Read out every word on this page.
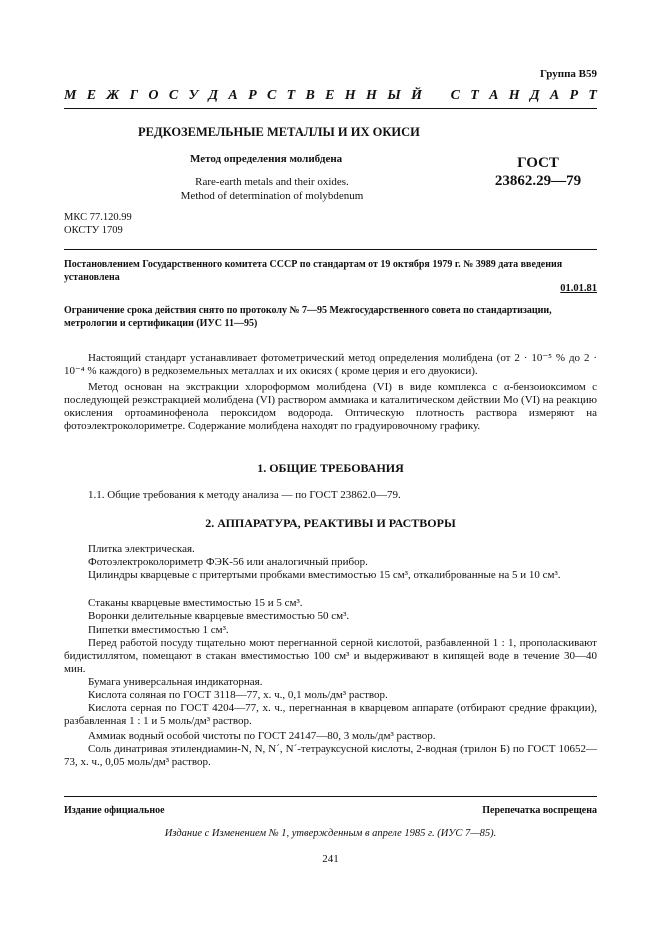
Группа В59
М Е Ж Г О С У Д А Р С Т В Е Н Н Ы Й С Т А Н Д А Р Т
РЕДКОЗЕМЕЛЬНЫЕ МЕТАЛЛЫ И ИХ ОКИСИ
Метод определения молибдена
Rare-earth metals and their oxides.
Method of determination of molybdenum
ГОСТ
23862.29—79
МКС 77.120.99
ОКСТУ 1709
Постановлением Государственного комитета СССР по стандартам от 19 октября 1979 г. № 3989 дата введения установлена
01.01.81
Ограничение срока действия снято по протоколу № 7—95 Межгосударственного совета по стандартизации, метрологии и сертификации (ИУС 11—95)
Настоящий стандарт устанавливает фотометрический метод определения молибдена (от 2 · 10⁻⁵ % до 2 · 10⁻⁴ % каждого) в редкоземельных металлах и их окисях ( кроме церия и его двуокиси).
Метод основан на экстракции хлороформом молибдена (VI) в виде комплекса с α-бензоиоксимом с последующей реэкстракцией молибдена (VI) раствором аммиака и каталитическом действии Mo (VI) на реакцию окисления ортоаминофенола пероксидом водорода. Оптическую плотность раствора измеряют на фотоэлектроколориметре. Содержание молибдена находят по градуировочному графику.
1. ОБЩИЕ ТРЕБОВАНИЯ
1.1. Общие требования к методу анализа — по ГОСТ 23862.0—79.
2. АППАРАТУРА, РЕАКТИВЫ И РАСТВОРЫ
Плитка электрическая.
Фотоэлектроколориметр ФЭК-56 или аналогичный прибор.
Цилиндры кварцевые с притертыми пробками вместимостью 15 см³, откалиброванные на 5 и 10 см³.
Стаканы кварцевые вместимостью 15 и 5 см³.
Воронки делительные кварцевые вместимостью 50 см³.
Пипетки вместимостью 1 см³.
Перед работой посуду тщательно моют перегнанной серной кислотой, разбавленной 1 : 1, прополаскивают бидистиллятом, помещают в стакан вместимостью 100 см³ и выдерживают в кипящей воде в течение 30—40 мин.
Бумага универсальная индикаторная.
Кислота соляная по ГОСТ 3118—77, х. ч., 0,1 моль/дм³ раствор.
Кислота серная по ГОСТ 4204—77, х. ч., перегнанная в кварцевом аппарате (отбирают средние фракции), разбавленная 1 : 1 и 5 моль/дм³ раствор.
Аммиак водный особой чистоты по ГОСТ 24147—80, 3 моль/дм³ раствор.
Соль динатривая этилендиамин-N, N, N´, N´-тетрауксусной кислоты, 2-водная (трилон Б) по ГОСТ 10652—73, х. ч., 0,05 моль/дм³ раствор.
Издание официальное	Перепечатка воспрещена
Издание с Изменением № 1, утвержденным в апреле 1985 г. (ИУС 7—85).
241
